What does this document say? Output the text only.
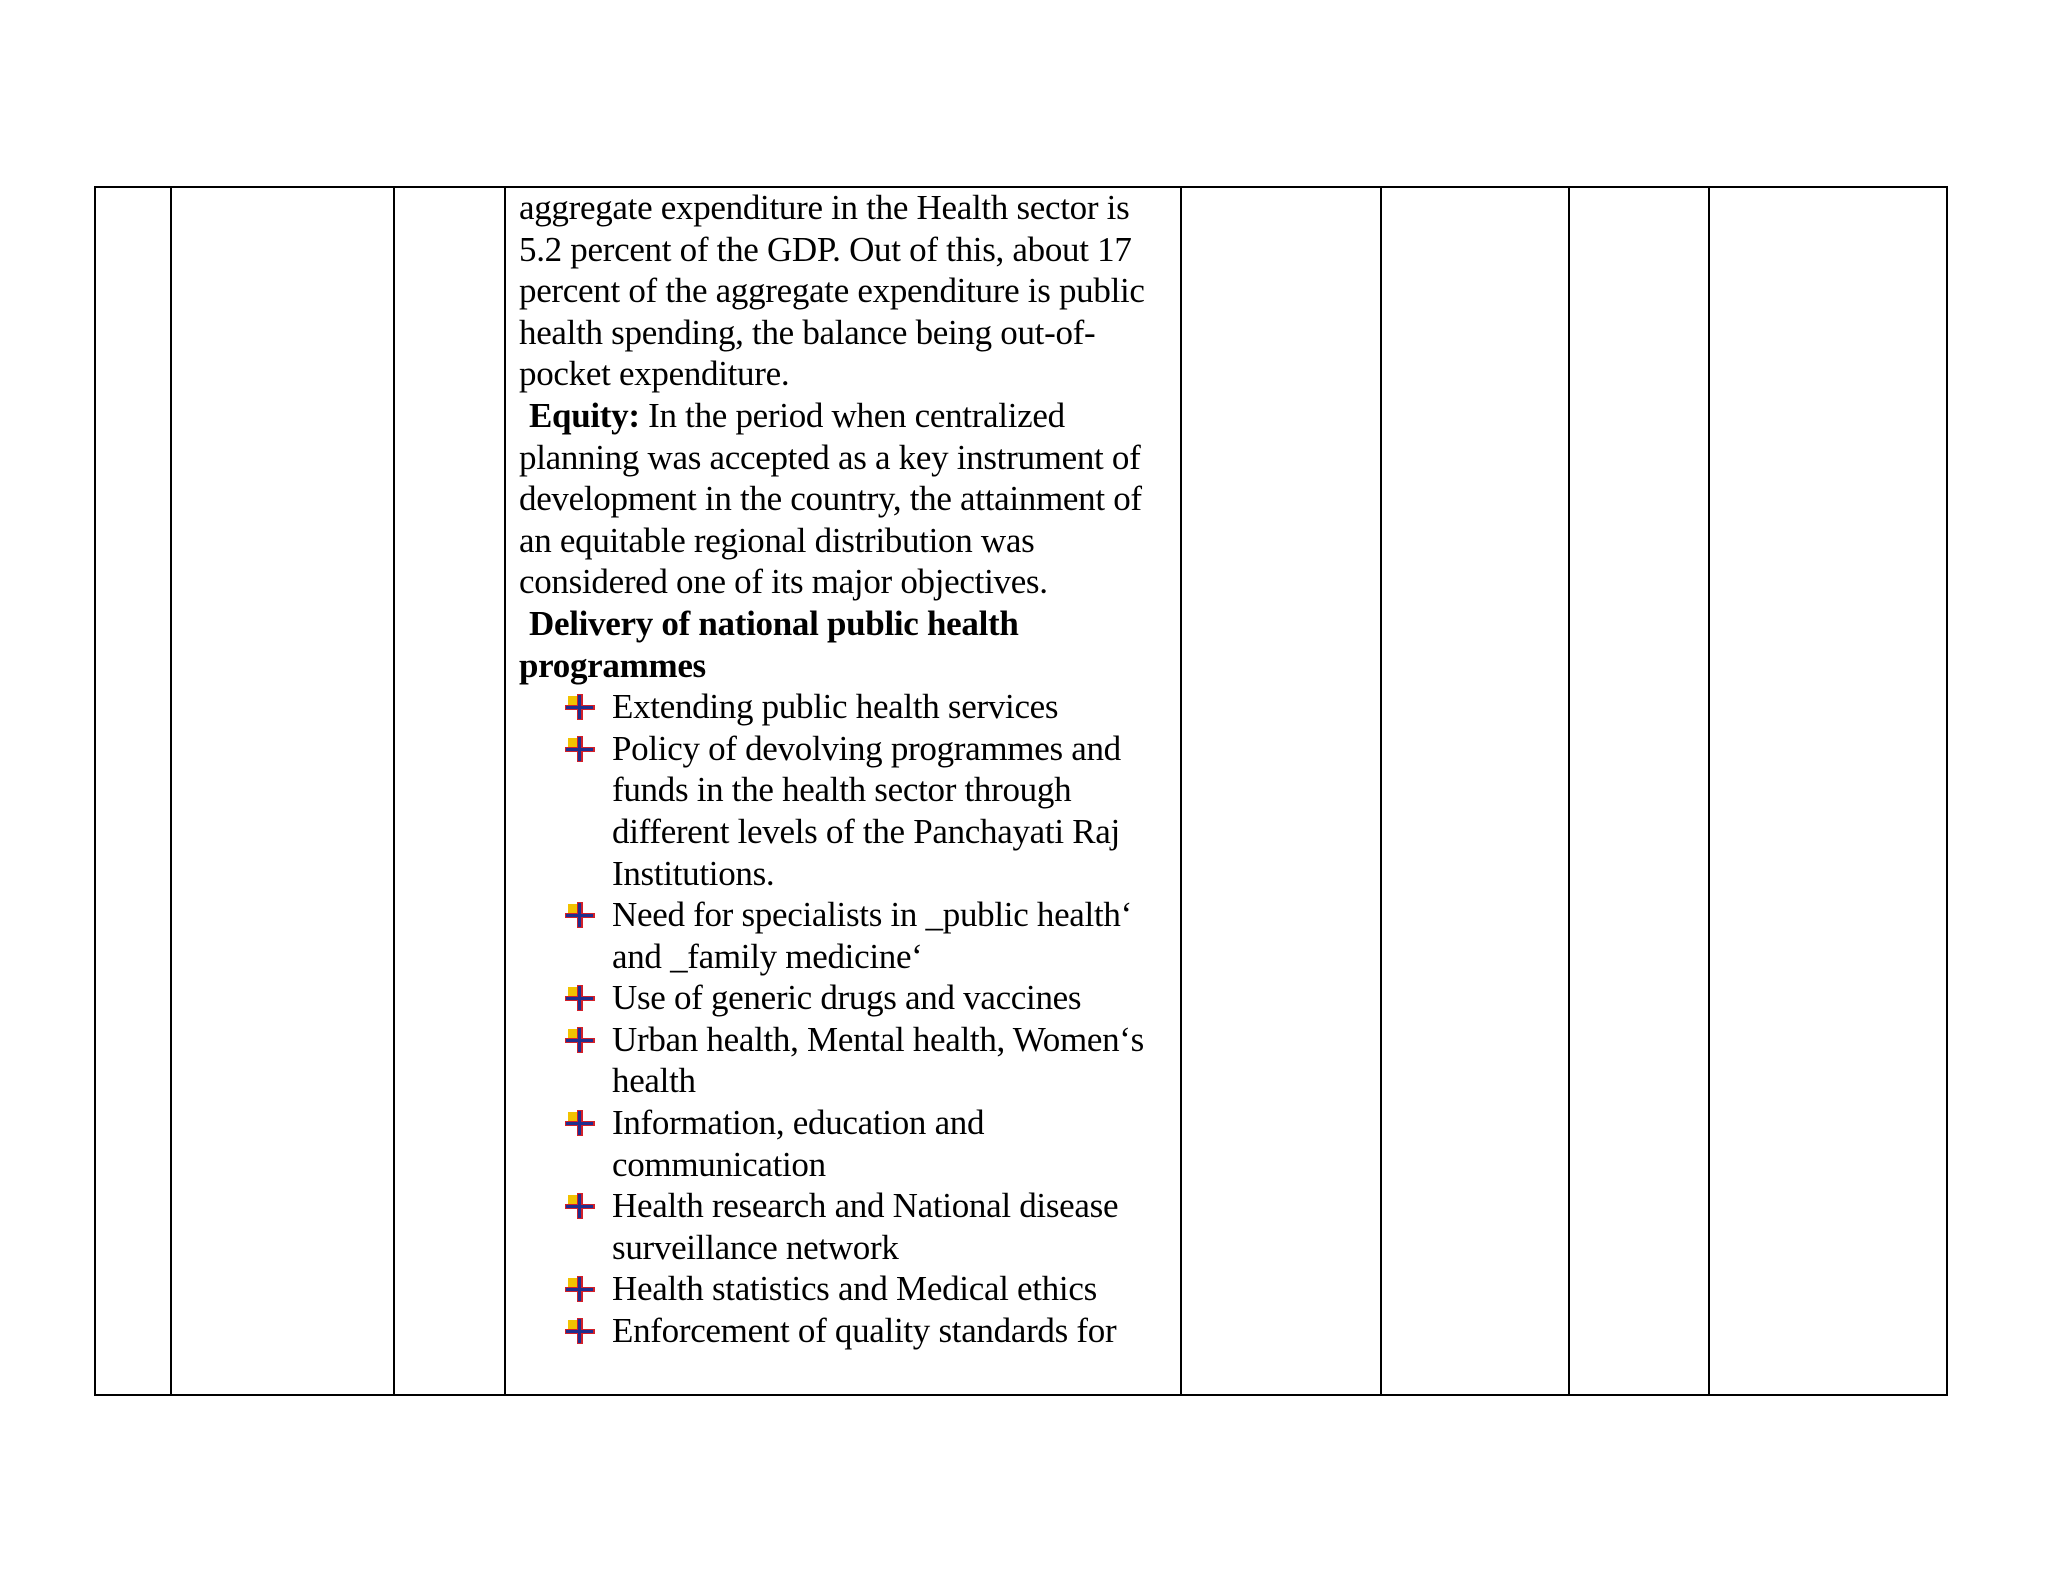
aggregate expenditure in the Health sector is 5.2 percent of the GDP. Out of this, about 17 percent of the aggregate expenditure is public health spending, the balance being out-of-pocket expenditure.

Equity: In the period when centralized planning was accepted as a key instrument of development in the country, the attainment of an equitable regional distribution was considered one of its major objectives.

Delivery of national public health programmes

Extending public health services
Policy of devolving programmes and funds in the health sector through different levels of the Panchayati Raj Institutions.
Need for specialists in _public health‘ and _family medicine‘
Use of generic drugs and vaccines
Urban health, Mental health, Women‘s health
Information, education and communication
Health research and National disease surveillance network
Health statistics and Medical ethics
Enforcement of quality standards for
